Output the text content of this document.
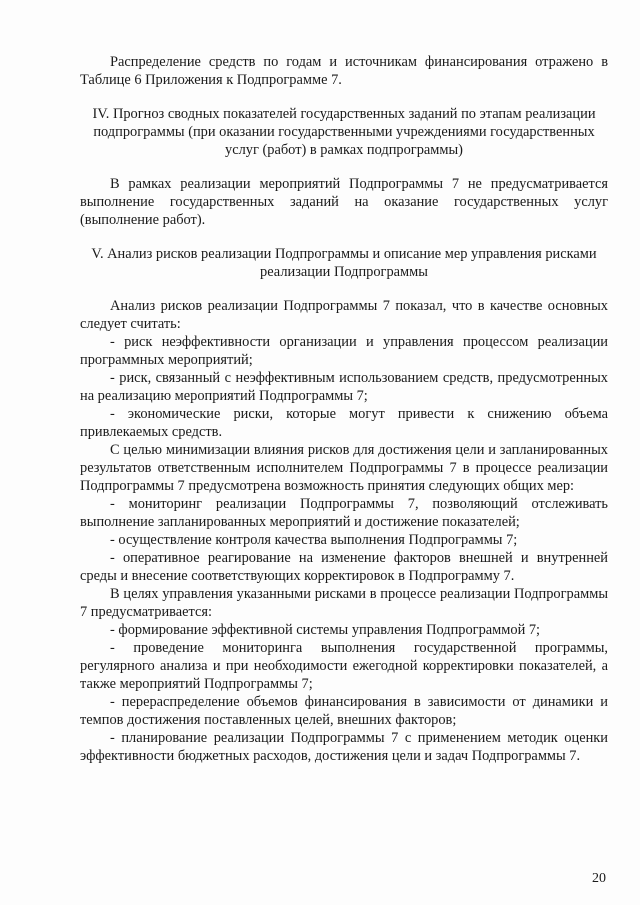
Распределение средств по годам и источникам финансирования отражено в Таблице 6 Приложения к Подпрограмме 7.

IV. Прогноз сводных показателей государственных заданий по этапам реализации подпрограммы (при оказании государственными учреждениями государственных услуг (работ) в рамках подпрограммы)

В рамках реализации мероприятий Подпрограммы 7 не предусматривается выполнение государственных заданий на оказание государственных услуг (выполнение работ).

V. Анализ рисков реализации Подпрограммы и описание мер управления рисками реализации Подпрограммы

Анализ рисков реализации Подпрограммы 7 показал, что в качестве основных следует считать:

- риск неэффективности организации и управления процессом реализации программных мероприятий;

- риск, связанный с неэффективным использованием средств, предусмотренных на реализацию мероприятий Подпрограммы 7;

- экономические риски, которые могут привести к снижению объема привлекаемых средств.

С целью минимизации влияния рисков для достижения цели и запланированных результатов ответственным исполнителем Подпрограммы 7 в процессе реализации Подпрограммы 7 предусмотрена возможность принятия следующих общих мер:

- мониторинг реализации Подпрограммы 7, позволяющий отслеживать выполнение запланированных мероприятий и достижение показателей;

- осуществление контроля качества выполнения Подпрограммы 7;

- оперативное реагирование на изменение факторов внешней и внутренней среды и внесение соответствующих корректировок в Подпрограмму 7.

В целях управления указанными рисками в процессе реализации Подпрограммы 7 предусматривается:

- формирование эффективной системы управления Подпрограммой 7;

- проведение мониторинга выполнения государственной программы, регулярного анализа и при необходимости ежегодной корректировки показателей, а также мероприятий Подпрограммы 7;

- перераспределение объемов финансирования в зависимости от динамики и темпов достижения поставленных целей, внешних факторов;

- планирование реализации Подпрограммы 7 с применением методик оценки эффективности бюджетных расходов, достижения цели и задач Подпрограммы 7.

20
